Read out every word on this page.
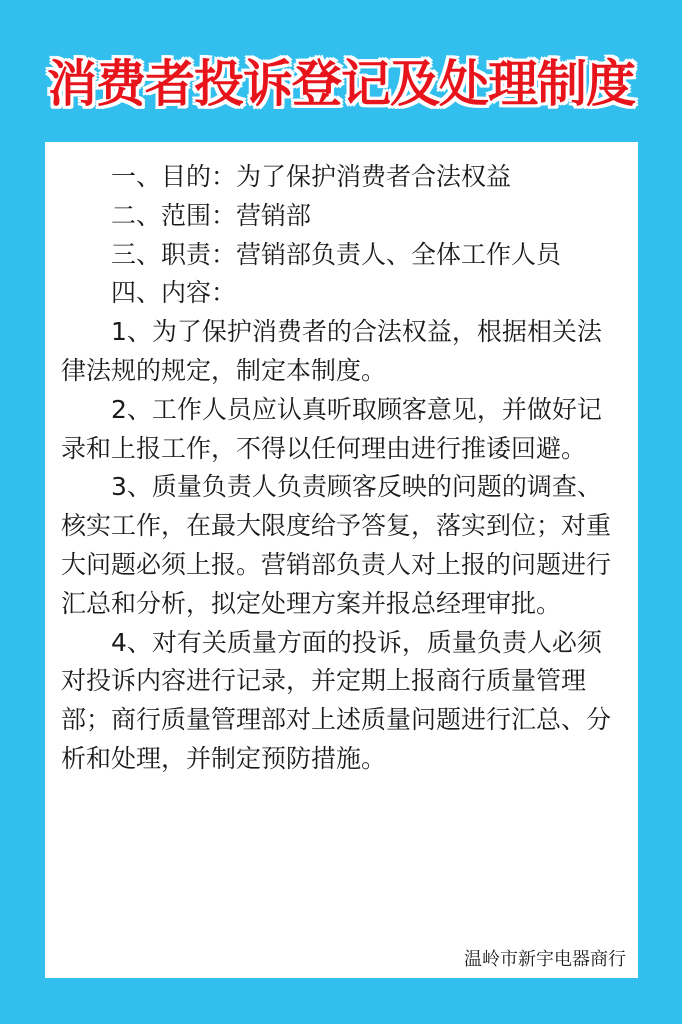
消费者投诉登记及处理制度

一、目的：为了保护消费者合法权益

二、范围：营销部

三、职责：营销部负责人、全体工作人员

四、内容：

1、为了保护消费者的合法权益，根据相关法律法规的规定，制定本制度。

2、工作人员应认真听取顾客意见，并做好记录和上报工作，不得以任何理由进行推诿回避。

3、质量负责人负责顾客反映的问题的调查、核实工作，在最大限度给予答复，落实到位；对重大问题必须上报。营销部负责人对上报的问题进行汇总和分析，拟定处理方案并报总经理审批。

4、对有关质量方面的投诉，质量负责人必须对投诉内容进行记录，并定期上报商行质量管理部；商行质量管理部对上述质量问题进行汇总、分析和处理，并制定预防措施。

温岭市新宇电器商行
